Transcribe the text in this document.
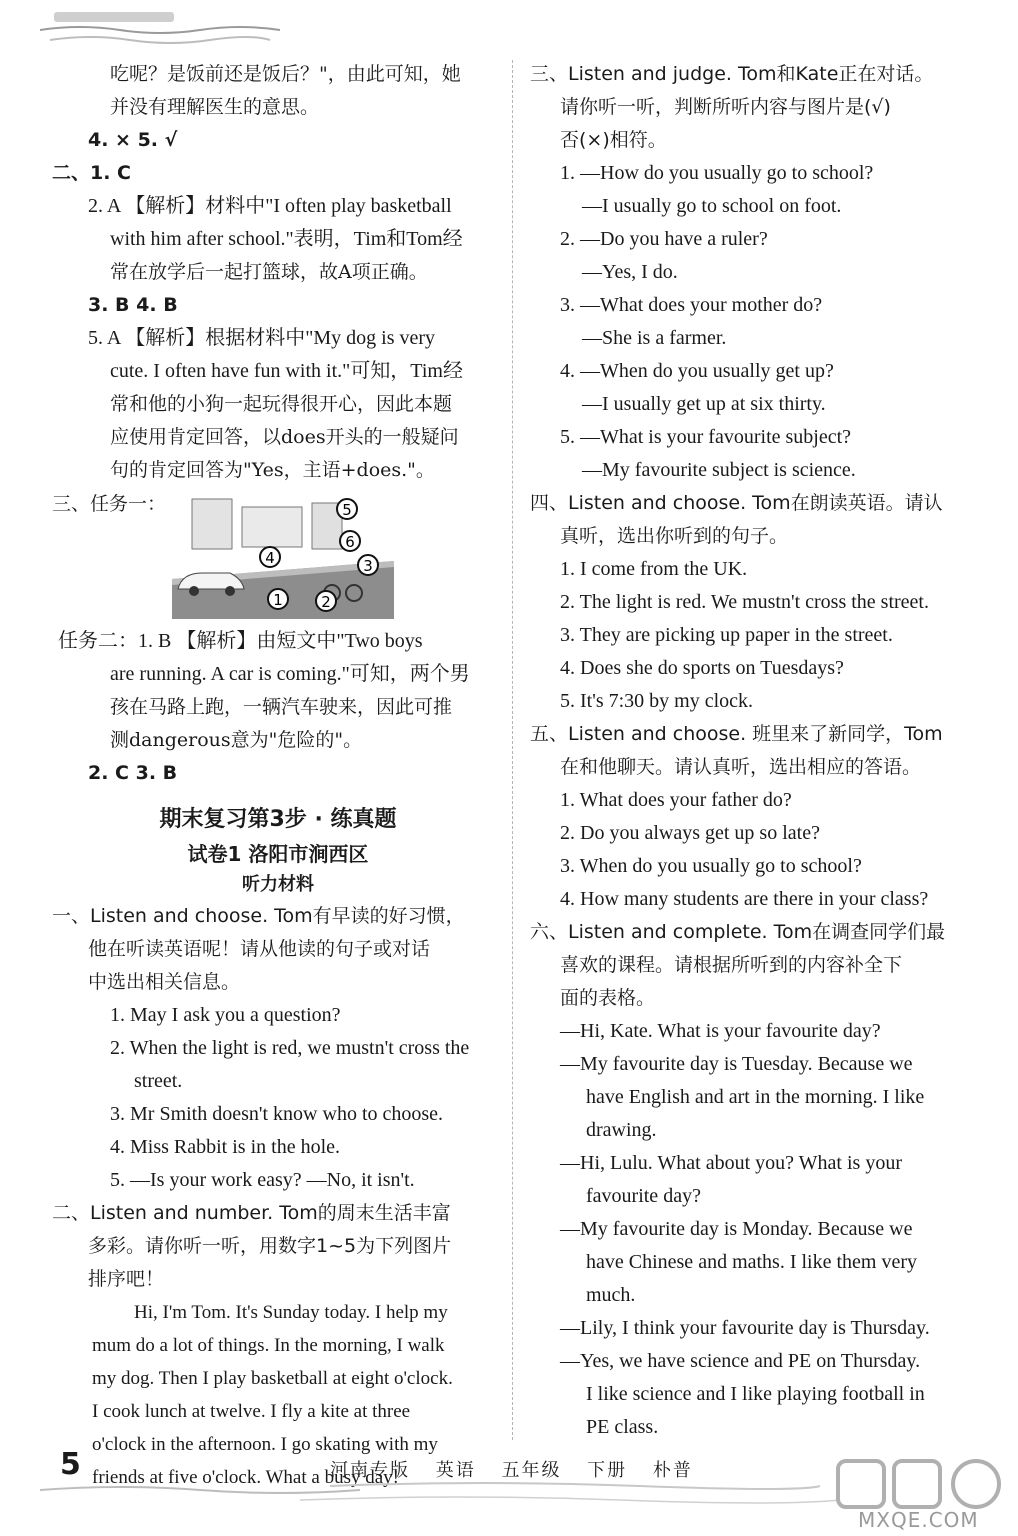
吃呢？是饭前还是饭后？"，由此可知，她
并没有理解医生的意思。
4. × 5. √
二、1. C
2. A 【解析】材料中"I often play basketball
with him after school."表明，Tim和Tom经
常在放学后一起打篮球，故A项正确。
3. B 4. B
5. A 【解析】根据材料中"My dog is very
cute. I often have fun with it."可知，Tim经
常和他的小狗一起玩得很开心，因此本题
应使用肯定回答，以does开头的一般疑问
句的肯定回答为"Yes，主语+does."。
三、任务一：	5
6
4	3
1	2
任务二：1. B 【解析】由短文中"Two boys
are running. A car is coming."可知，两个男
孩在马路上跑，一辆汽车驶来，因此可推
测dangerous意为"危险的"。
2. C 3. B
期末复习第3步 · 练真题
试卷1 洛阳市涧西区
听力材料
一、Listen and choose. Tom有早读的好习惯，
他在听读英语呢！请从他读的句子或对话
中选出相关信息。
1. May I ask you a question?
2. When the light is red, we mustn't cross the
street.
3. Mr Smith doesn't know who to choose.
4. Miss Rabbit is in the hole.
5. —Is your work easy? —No, it isn't.
二、Listen and number. Tom的周末生活丰富
多彩。请你听一听，用数字1~5为下列图片
排序吧！
Hi, I'm Tom. It's Sunday today. I help my
mum do a lot of things. In the morning, I walk
my dog. Then I play basketball at eight o'clock.
I cook lunch at twelve. I fly a kite at three
o'clock in the afternoon. I go skating with my
friends at five o'clock. What a busy day!
三、Listen and judge. Tom和Kate正在对话。
请你听一听，判断所听内容与图片是(√)
否(×)相符。
1. —How do you usually go to school?
—I usually go to school on foot.
2. —Do you have a ruler?
—Yes, I do.
3. —What does your mother do?
—She is a farmer.
4. —When do you usually get up?
—I usually get up at six thirty.
5. —What is your favourite subject?
—My favourite subject is science.
四、Listen and choose. Tom在朗读英语。请认
真听，选出你听到的句子。
1. I come from the UK.
2. The light is red. We mustn't cross the street.
3. They are picking up paper in the street.
4. Does she do sports on Tuesdays?
5. It's 7:30 by my clock.
五、Listen and choose. 班里来了新同学，Tom
在和他聊天。请认真听，选出相应的答语。
1. What does your father do?
2. Do you always get up so late?
3. When do you usually go to school?
4. How many students are there in your class?
六、Listen and complete. Tom在调查同学们最
喜欢的课程。请根据所听到的内容补全下
面的表格。
—Hi, Kate. What is your favourite day?
—My favourite day is Tuesday. Because we
have English and art in the morning. I like
drawing.
—Hi, Lulu. What about you? What is your
favourite day?
—My favourite day is Monday. Because we
have Chinese and maths. I like them very
much.
—Lily, I think your favourite day is Thursday.
—Yes, we have science and PE on Thursday.
I like science and I like playing football in
PE class.
5	河南专版 英语 五年级 下册 朴普
MXQE.COM
